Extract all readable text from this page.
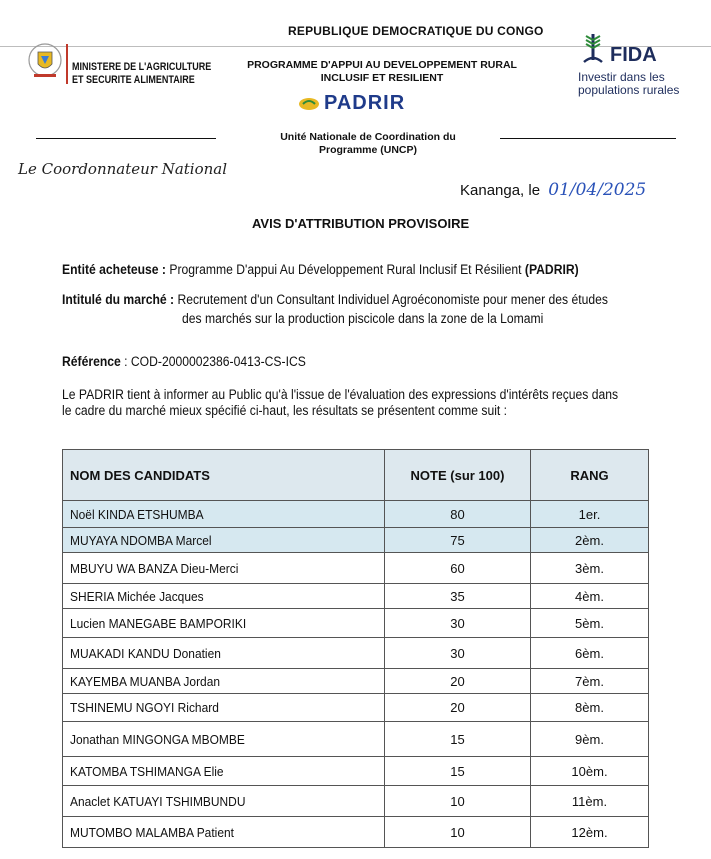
REPUBLIQUE DEMOCRATIQUE DU CONGO
MINISTERE DE L'AGRICULTURE
ET SECURITE ALIMENTAIRE
PROGRAMME D'APPUI AU DEVELOPPEMENT RURAL
INCLUSIF ET RESILIENT
PADRIR
FIDA
Investir dans les
populations rurales
Unité Nationale de Coordination du
Programme (UNCP)
Le Coordonnateur National
Kananga, le 01/04/2025
AVIS D'ATTRIBUTION PROVISOIRE
Entité acheteuse : Programme D'appui Au Développement Rural Inclusif Et Résilient (PADRIR)
Intitulé du marché : Recrutement d'un Consultant Individuel Agroéconomiste pour mener des études
des marchés sur la production piscicole dans la zone de la Lomami
Référence : COD-2000002386-0413-CS-ICS
Le PADRIR tient à informer au Public qu'à l'issue de l'évaluation des expressions d'intérêts reçues dans
le cadre du marché mieux spécifié ci-haut, les résultats se présentent comme suit :
NOM DES CANDIDATS	NOTE (sur 100)	RANG
Noël KINDA ETSHUMBA	80	1er.
MUYAYA NDOMBA Marcel	75	2èm.
MBUYU WA BANZA Dieu-Merci	60	3èm.
SHERIA Michée Jacques	35	4èm.
Lucien MANEGABE BAMPORIKI	30	5èm.
MUAKADI KANDU Donatien	30	6èm.
KAYEMBA MUANBA Jordan	20	7èm.
TSHINEMU NGOYI Richard	20	8èm.
Jonathan MINGONGA MBOMBE	15	9èm.
KATOMBA TSHIMANGA Elie	15	10èm.
Anaclet KATUAYI TSHIMBUNDU	10	11èm.
MUTOMBO MALAMBA Patient	10	12èm.
